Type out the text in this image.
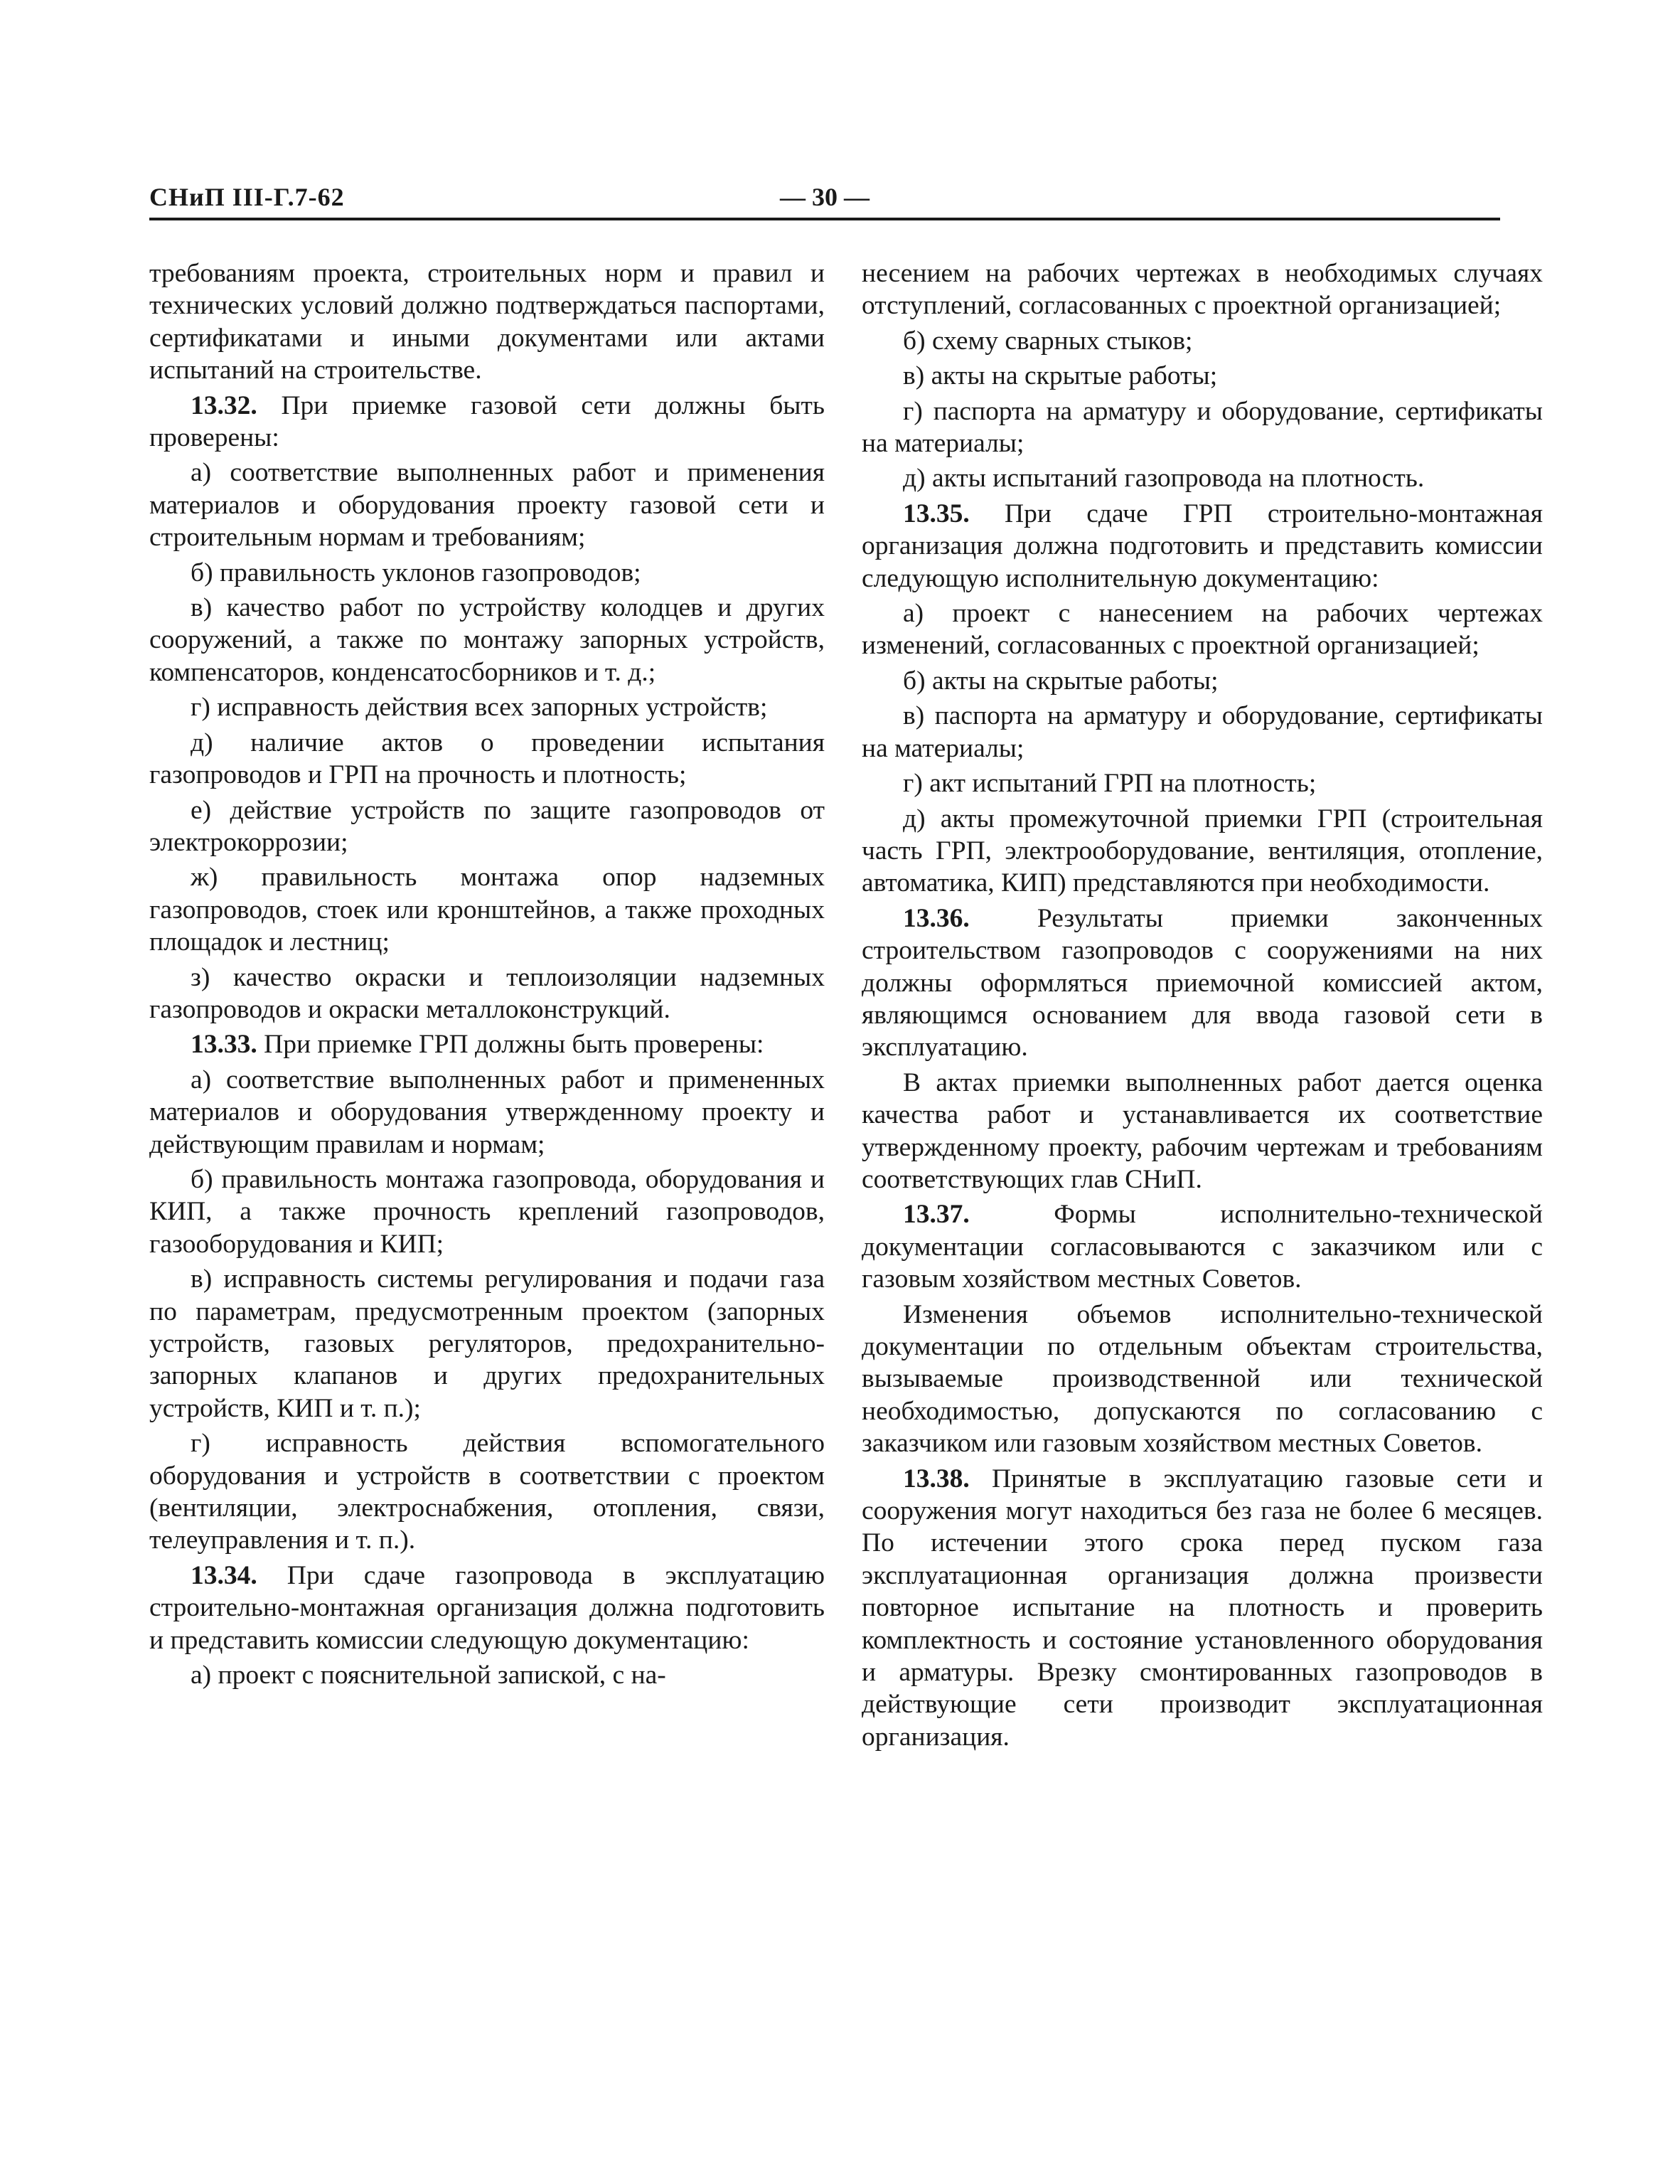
— 30 —
СНиП III-Г.7-62

требованиям проекта, строительных норм и правил и технических условий должно подтверждаться паспортами, сертификатами и иными документами или актами испытаний на строительстве.

13.32. При приемке газовой сети должны быть проверены:

а) соответствие выполненных работ и применения материалов и оборудования проекту газовой сети и строительным нормам и требованиям;

б) правильность уклонов газопроводов;

в) качество работ по устройству колодцев и других сооружений, а также по монтажу запорных устройств, компенсаторов, конденсатосборников и т. д.;

г) исправность действия всех запорных устройств;

д) наличие актов о проведении испытания газопроводов и ГРП на прочность и плотность;

е) действие устройств по защите газопроводов от электрокоррозии;

ж) правильность монтажа опор надземных газопроводов, стоек или кронштейнов, а также проходных площадок и лестниц;

з) качество окраски и теплоизоляции надземных газопроводов и окраски металлоконструкций.

13.33. При приемке ГРП должны быть проверены:

а) соответствие выполненных работ и примененных материалов и оборудования утвержденному проекту и действующим правилам и нормам;

б) правильность монтажа газопровода, оборудования и КИП, а также прочность креплений газопроводов, газооборудования и КИП;

в) исправность системы регулирования и подачи газа по параметрам, предусмотренным проектом (запорных устройств, газовых регуляторов, предохранительно-запорных клапанов и других предохранительных устройств, КИП и т. п.);

г) исправность действия вспомогательного оборудования и устройств в соответствии с проектом (вентиляции, электроснабжения, отопления, связи, телеуправления и т. п.).

13.34. При сдаче газопровода в эксплуатацию строительно-монтажная организация должна подготовить и представить комиссии следующую документацию:

а) проект с пояснительной запиской, с на-

несением на рабочих чертежах в необходимых случаях отступлений, согласованных с проектной организацией;

б) схему сварных стыков;

в) акты на скрытые работы;

г) паспорта на арматуру и оборудование, сертификаты на материалы;

д) акты испытаний газопровода на плотность.

13.35. При сдаче ГРП строительно-монтажная организация должна подготовить и представить комиссии следующую исполнительную документацию:

а) проект с нанесением на рабочих чертежах изменений, согласованных с проектной организацией;

б) акты на скрытые работы;

в) паспорта на арматуру и оборудование, сертификаты на материалы;

г) акт испытаний ГРП на плотность;

д) акты промежуточной приемки ГРП (строительная часть ГРП, электрооборудование, вентиляция, отопление, автоматика, КИП) представляются при необходимости.

13.36. Результаты приемки законченных строительством газопроводов с сооружениями на них должны оформляться приемочной комиссией актом, являющимся основанием для ввода газовой сети в эксплуатацию.

В актах приемки выполненных работ дается оценка качества работ и устанавливается их соответствие утвержденному проекту, рабочим чертежам и требованиям соответствующих глав СНиП.

13.37. Формы исполнительно-технической документации согласовываются с заказчиком или с газовым хозяйством местных Советов.

Изменения объемов исполнительно-технической документации по отдельным объектам строительства, вызываемые производственной или технической необходимостью, допускаются по согласованию с заказчиком или газовым хозяйством местных Советов.

13.38. Принятые в эксплуатацию газовые сети и сооружения могут находиться без газа не более 6 месяцев. По истечении этого срока перед пуском газа эксплуатационная организация должна произвести повторное испытание на плотность и проверить комплектность и состояние установленного оборудования и арматуры. Врезку смонтированных газопроводов в действующие сети производит эксплуатационная организация.
